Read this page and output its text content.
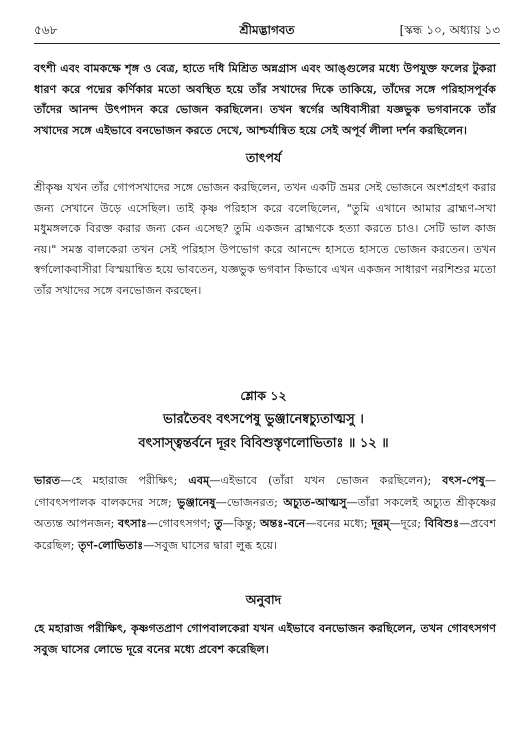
৫৬৮	শ্রীমদ্ভাগবত	[স্কন্ধ ১০, অধ্যায় ১৩

বৎশী এবং বামকক্ষে শৃঙ্গ ও বেত্র, হাতে দধি মিশ্রিত অন্নগ্রাস এবং আঙ্গুলের মধ্যে উপযুক্ত ফলের টুকরা ধারণ করে পদ্মের কর্ণিকার মতো অবস্থিত হয়ে তাঁর সখাদের দিকে তাকিয়ে, তাঁদের সঙ্গে পরিহাসপূর্বক তাঁদের আনন্দ উৎপাদন করে ভোজন করছিলেন। তখন স্বর্গের অধিবাসীরা যজ্ঞভুক ভগবানকে তাঁর সখাদের সঙ্গে এইভাবে বনভোজন করতে দেখে, আশ্চর্যান্বিত হয়ে সেই অপূর্ব লীলা দর্শন করছিলেন।

তাৎপর্য

শ্রীকৃষ্ণ যখন তাঁর গোপসখাদের সঙ্গে ভোজন করছিলেন, তখন একটি ভ্রমর সেই ভোজনে অংশগ্রহণ করার জন্য সেখানে উড়ে এসেছিল। তাই কৃষ্ণ পরিহাস করে বলেছিলেন, "তুমি এখানে আমার ব্রাহ্মণ-সখা মধুমঙ্গলকে বিরক্ত করার জন্য কেন এসেছ? তুমি একজন ব্রাহ্মণকে হত্যা করতে চাও। সেটি ভাল কাজ নয়।" সমস্ত বালকেরা তখন সেই পরিহাস উপভোগ করে আনন্দে হাসতে হাসতে ভোজন করতেন। তখন স্বর্গলোকবাসীরা বিস্ময়ান্বিত হয়ে ভাবতেন, যজ্ঞভুক ভগবান কিভাবে এখন একজন সাধারণ নরশিশুর মতো তাঁর সখাদের সঙ্গে বনভোজন করছেন।

শ্লোক ১২
ভারতৈবং বৎসপেষু ভুঞ্জানেষ্বচ্যুতাত্মসু ।
বৎসাস্ত্বন্তর্বনে দূরং বিবিশুস্তৃণলোভিতাঃ ॥ ১২ ॥

ভারত—হে মহারাজ পরীক্ষিৎ; এবম্—এইভাবে (তাঁরা যখন ভোজন করছিলেন); বৎস-পেষু—গোবৎসপালক বালকদের সঙ্গে; ভুঞ্জানেষু—ভোজনরত; অচ্যুত-আত্মসু—তাঁরা সকলেই অচ্যুত শ্রীকৃষ্ণের অত্যন্ত আপনজন; বৎসাঃ—গোবৎসগণ; তু—কিন্তু; অন্তঃ-বনে—বনের মধ্যে; দূরম্—দূরে; বিবিশুঃ—প্রবেশ করেছিল; তৃণ-লোভিতাঃ—সবুজ ঘাসের দ্বারা লুব্ধ হয়ে।

অনুবাদ

হে মহারাজ পরীক্ষিৎ, কৃষ্ণগতপ্রাণ গোপবালকেরা যখন এইভাবে বনভোজন করছিলেন, তখন গোবৎসগণ সবুজ ঘাসের লোভে দূরে বনের মধ্যে প্রবেশ করেছিল।
